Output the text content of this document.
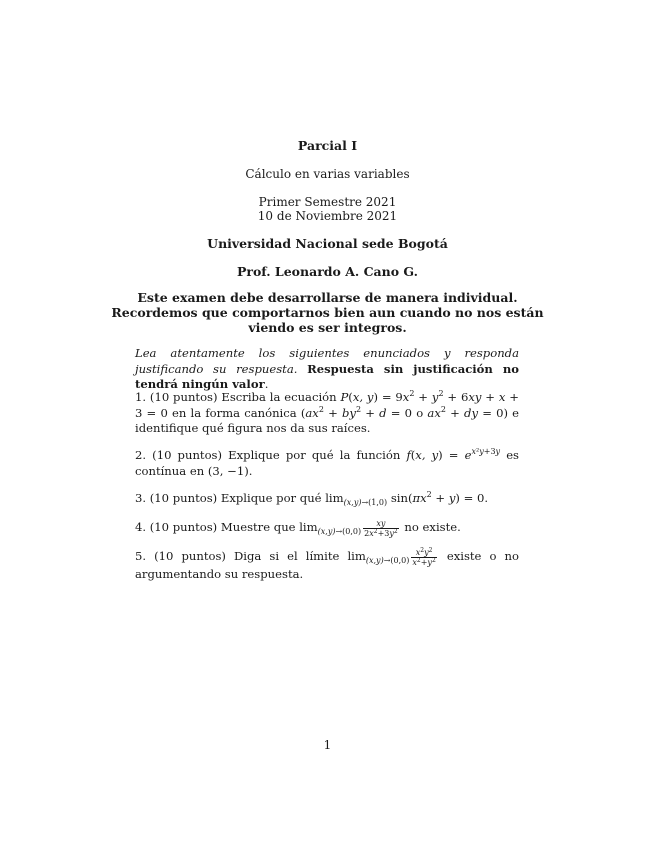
Parcial I
Cálculo en varias variables
Primer Semestre 2021
10 de Noviembre 2021
Universidad Nacional sede Bogotá
Prof. Leonardo A. Cano G.
Este examen debe desarrollarse de manera individual.
Recordemos que comportarnos bien aun cuando no nos están
viendo es ser integros.
Lea atentamente los siguientes enunciados y responda justificando su respuesta. Respuesta sin justificación no tendrá ningún valor.
1. (10 puntos) Escriba la ecuación P(x, $y) = 9x^2 + y^2 + 6xy + x + 3 = 0$ en la forma canónica ($ax^2 + by^2 + d = 0$ o $ax^2$ + dy = 0) e identifique qué figura nos da sus raíces.
2. (10 puntos) Explique por qué la función f(x, $y) = e^{x^2y+3y}$ es contínua en (3, −1).
3. (10 puntos) Explique por qué $\lim_{(x,y)\to(1,0)} \sin(\pi x^2 + y) = 0$.
4. (10 puntos) Muestre que $\lim_{(x,y)\to(0,0)} \frac{xy}{2x^2+3y^2}$ no existe.
5. (10 puntos) Diga si el límite $\lim_{(x,y)\to(0,0)} \frac{x^2y^2}{x^2+y^2}$ existe o no argumentando su respuesta.
1
